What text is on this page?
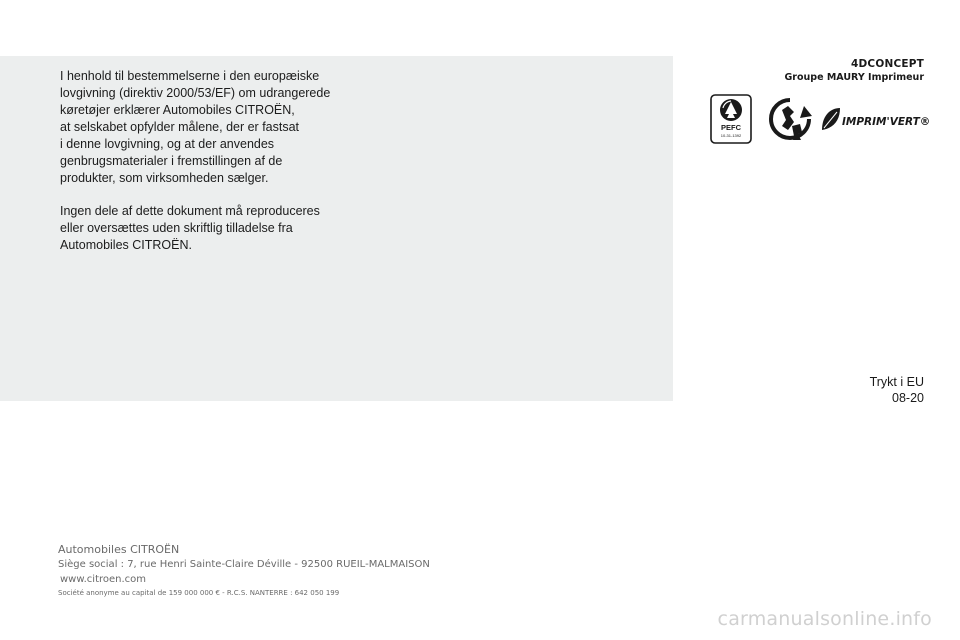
I henhold til bestemmelserne i den europæiske
lovgivning (direktiv 2000/53/EF) om udrangerede
køretøjer erklærer Automobiles CITROËN,
at selskabet opfylder målene, der er fastsat
i denne lovgivning, og at der anvendes
genbrugsmaterialer i fremstillingen af de
produkter, som virksomheden sælger.

Ingen dele af dette dokument må reproduceres
eller oversættes uden skriftlig tilladelse fra
Automobiles CITROËN.

4DCONCEPT
Groupe MAURY Imprimeur
PEFC
10-31-1392
IMPRIM'VERT®
Trykt i EU
08-20
Automobiles CITROËN
Siège social : 7, rue Henri Sainte-Claire Déville - 92500 RUEIL-MALMAISON
www.citroen.com
Société anonyme au capital de 159 000 000 € - R.C.S. NANTERRE : 642 050 199
carmanualsonline.info
